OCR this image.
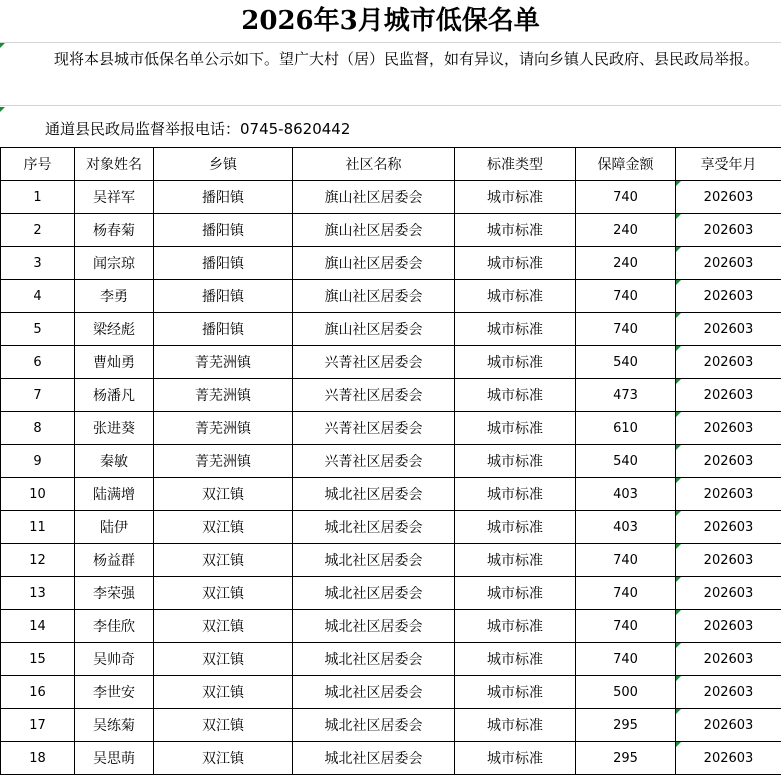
2026年3月城市低保名单
现将本县城市低保名单公示如下。望广大村（居）民监督，如有异议，请向乡镇人民政府、县民政局举报。
通道县民政局监督举报电话：0745-8620442
序号	对象姓名	乡镇	社区名称	标准类型	保障金额	享受年月
1	吴祥军	播阳镇	旗山社区居委会	城市标准	740	202603
2	杨春菊	播阳镇	旗山社区居委会	城市标准	240	202603
3	闻宗琼	播阳镇	旗山社区居委会	城市标准	240	202603
4	李勇	播阳镇	旗山社区居委会	城市标准	740	202603
5	梁经彪	播阳镇	旗山社区居委会	城市标准	740	202603
6	曹灿勇	菁芜洲镇	兴菁社区居委会	城市标准	540	202603
7	杨潘凡	菁芜洲镇	兴菁社区居委会	城市标准	473	202603
8	张进葵	菁芜洲镇	兴菁社区居委会	城市标准	610	202603
9	秦敏	菁芜洲镇	兴菁社区居委会	城市标准	540	202603
10	陆满增	双江镇	城北社区居委会	城市标准	403	202603
11	陆伊	双江镇	城北社区居委会	城市标准	403	202603
12	杨益群	双江镇	城北社区居委会	城市标准	740	202603
13	李荣强	双江镇	城北社区居委会	城市标准	740	202603
14	李佳欣	双江镇	城北社区居委会	城市标准	740	202603
15	吴帅奇	双江镇	城北社区居委会	城市标准	740	202603
16	李世安	双江镇	城北社区居委会	城市标准	500	202603
17	吴练菊	双江镇	城北社区居委会	城市标准	295	202603
18	吴思萌	双江镇	城北社区居委会	城市标准	295	202603
